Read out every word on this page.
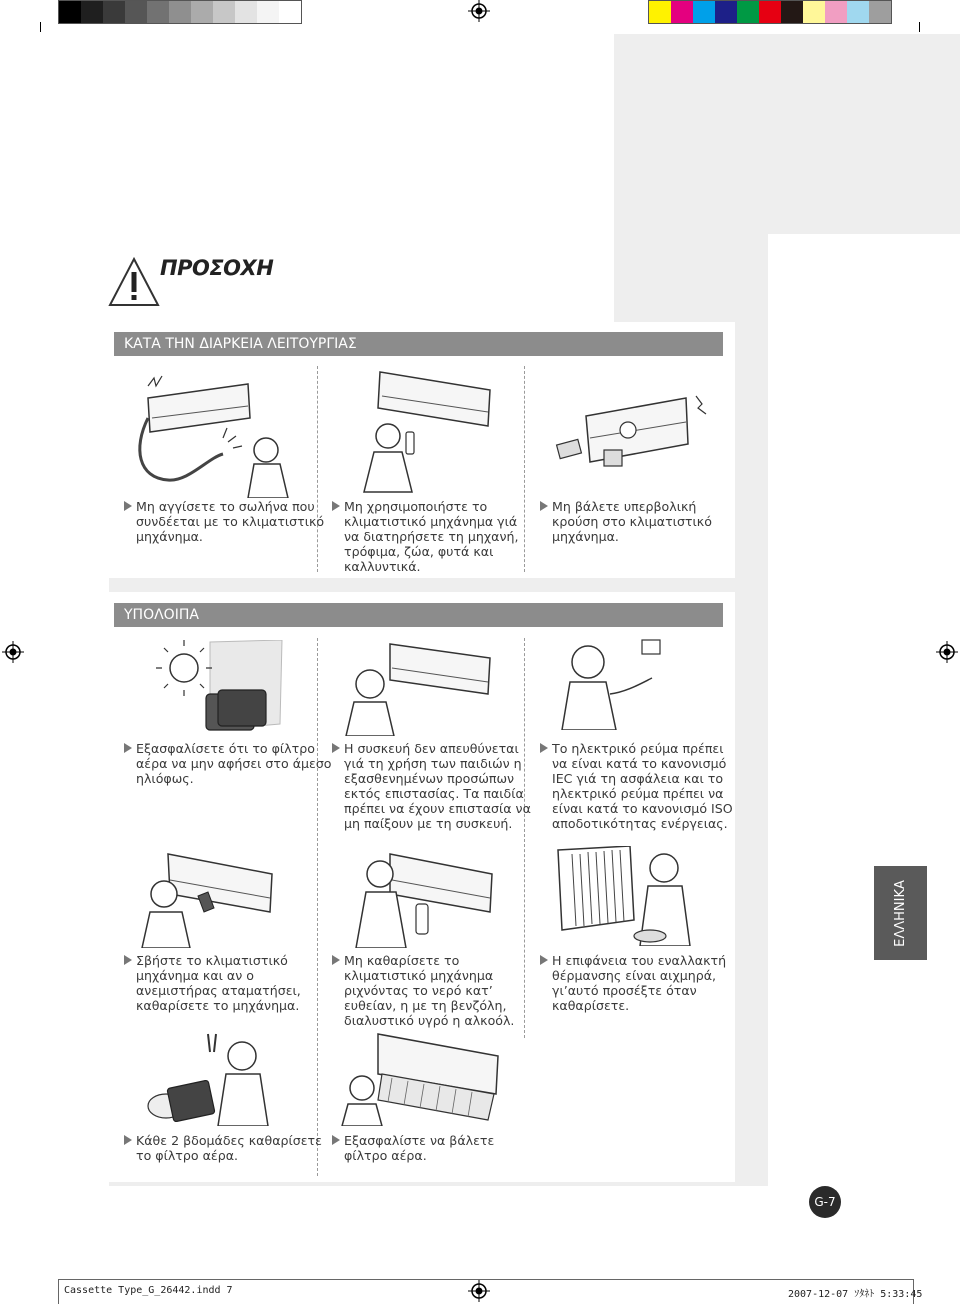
ΠΡΟΣΟΧΗ
ΚΑΤΑ ΤΗΝ ΔΙΑΡΚΕΙΑ ΛΕΙΤΟΥΡΓΙΑΣ
ΥΠΟΛΟΙΠΑ
Μη αγγίσετε το σωλήνα που
συνδέεται με το κλιματιστικό
μηχάνημα.
Μη χρησιμοποιήστε το
κλιματιστικό μηχάνημα γιά
να διατηρήσετε τη μηχανή,
τρόφιμα, ζώα, φυτά και
καλλυντικά.
Μη βάλετε υπερβολική
κρούση στο κλιματιστικό
μηχάνημα.
Εξασφαλίσετε ότι το φίλτρο
αέρα να μην αφήσει στο άμεσο
ηλιόφως.
Η συσκευή δεν απευθύνεται
γιά τη χρήση των παιδιών η
εξασθενημένων προσώπων
εκτός επιστασίας. Τα παιδία
πρέπει να έχουν επιστασία να
μη παίξουν με τη συσκευή.
Το ηλεκτρικό ρεύμα πρέπει
να είναι κατά το κανονισμό
IEC γιά τη ασφάλεια και το
ηλεκτρικό ρεύμα πρέπει να
είναι κατά το κανονισμό ISO
αποδοτικότητας ενέργειας.
Σβήστε το κλιματιστικό
μηχάνημα και αν ο
ανεμιστήρας αταματήσει,
καθαρίσετε το μηχάνημα.
Μη καθαρίσετε το
κλιματιστικό μηχάνημα
ριχνόντας το νερό κατ’
ευθείαν, η με τη βενζόλη,
διαλυστικό υγρό η αλκοόλ.
Η επιφάνεια του εναλλακτή
θέρμανσης είναι αιχμηρά,
γι’αυτό προσέξτε όταν
καθαρίσετε.
Κάθε 2 βδομάδες καθαρίσετε
το φίλτρο αέρα.
Εξασφαλίστε να βάλετε
φίλτρο αέρα.
ΕΛΛΗΝΙΚΑ
G-7
Cassette Type_G_26442.indd 7	2007-12-07 ｿﾀﾈﾄ 5:33:45
